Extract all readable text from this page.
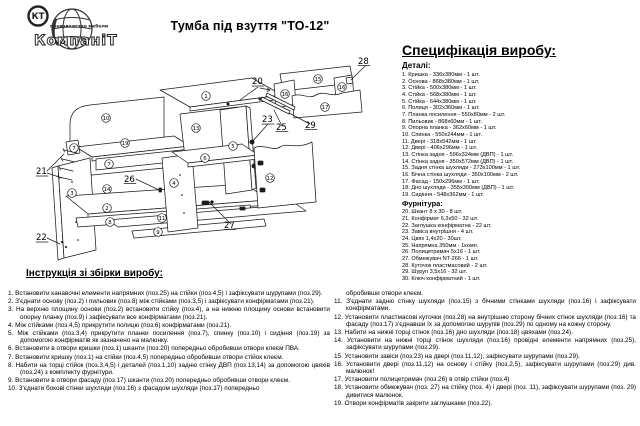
КТ
производство мебели
КомпаніТ
Тумба під взуття "ТО-12"
1
2
3
4
5
6
7
7
8
9
10
11
12
13
14
15
16
16
17
19
20
21
22
23
25
26
27
28
29
Специфікація виробу:
Деталі:
1. Кришка - 336х380мм - 1 шт.
2. Основа - 868х380мм - 1 шт.
3. Стійка - 500х380мм - 1 шт.
4. Стійка - 568х380мм - 1 шт.
5. Стійка - 644х380мм - 1 шт.
6. Полиця - 302х360мм - 1 шт.
7. Планка посилення - 550х80мм - 2 шт.
8. Пильовик - 868х60мм - 1 шт.
9. Опорна планка - 362х60мм - 1 шт.
10. Спинка - 550х244мм - 1 шт.
11. Двері - 318х542мм - 1 шт.
12. Двері - 406х296мм - 1 шт.
13. Стінка задня - 596х324мм (ДВП) - 1 шт.
14. Стінка задня - 350х572мм (ДВП) - 1 шт.
15. Задня стінка шухляди - 273х100мм - 1 шт.
16. Бічна стінка шухляди - 350х100мм - 2 шт.
17. Фасад - 150х296мм - 1 шт.
18. Дно шухляди - 355х300мм (ДВП) - 1 шт.
19. Сидіння - 548х362мм - 1 шт.
Фурнітура:
20. Шкант 8 х 30 - 8 шт.
21. Конфірмат 6,3х50 - 32 шт.
22. Заглушка конфірматна - 22 шт.
23. Завіса внутрішня - 4 шт.
24. Цвях 1,4х20 - 30шт.
25. Напрямна 350мм - 1комп.
26. Полицетримач 5х16 - 1 шт.
27. Обмежувач NT-266 - 1 шт.
28. Куточок пластмасовий - 2 шт.
29. Шуруп 3,5х16 - 32 шт.
30. Ключ конфірматний - 1 шт.
Інструкція зі збірки виробу:
1. Встановити канавочні елементи напрямних (поз.25) на стійки (поз.4,5) і зафіксувати шурупами (поз.29).
2. З'єднати основу (поз.2) і пильовик (поз.8) між стійками (поз.3,5) і зафіксувати конфірматами (поз.21).
3. На верхню площину основи (поз.2) встановити стійку (поз.4), а на нижню площину основи встановити опорну планку (поз.9) і зафіксувати все конфірматами (поз.21).
4. Між стійками (поз.4,5) прикрутити полицю (поз.6) конфірматами (поз.21).
5. Між стійками (поз.3,4) прикрутити планки посилення (поз.7), спинку (поз.10) і сидіння (поз.19) за допомогою конфірматів як зазначено на малюнку.
6. Встановити в отвори кришки (поз.1) шканти (поз.20) попередньо обробивши отвори клеєм ПВА.
7. Встановити кришку (поз.1) на стійки (поз.4,5) попередньо обробивши отвори стійок клеєм.
8. Набити на торці стійок (поз.3,4,5) і деталей (поз.1,10) задню стінку ДВП (поз.13,14) за допомогою цвяхів (поз.24) з комплекту фурнітури.
9. Встановити в отвори фасаду (поз.17) шканти (поз.20) попередньо обробивши отвори клеєм.
10. З'єднати бокові стінки шухляди (поз.16) з фасадом шухляди (поз.17) попередньо
обробивши отвори клеєм.
11. З'єднати задню стінку шухляди (поз.15) з бічними стінками шухляди (поз.16) і зафіксувати конфірматами.
12. Установити пластмасові куточки (поз.28) на внутрішню сторону бічних стінок шухляди (поз.16) та фасаду (поз.17) з'єднавши їх за допомогою шурупів (поз.29) по одному на кожну сторону.
13. Набити на нижні торці стінок (поз.16) дно шухляди (поз.18) цвяхами (поз.24).
14. Установити на нижні торці стінок шухляди (поз.16) провідні елементи напрямних (поз.25), зафіксувати шурупами (поз.29).
15. Установити завіси (поз.23) на двері (поз.11,12), зафіксувати шурупами (поз.29).
16. Установити двері (поз.11,12) на основу і стійку (поз.2,5), зафіксувати шурупами (поз.29) див. малюнок!
17. Установити полицетримач (поз.26) в отвір стійки (поз.4)
18. Установити обмежувач (поз. 27) на стійку (поз. 4) і двері (поз. 11), зафіксувати шурупами (поз. 29) дивитися малюнок.
19. Отвори конфірматів закрити заглушками (поз.22).
